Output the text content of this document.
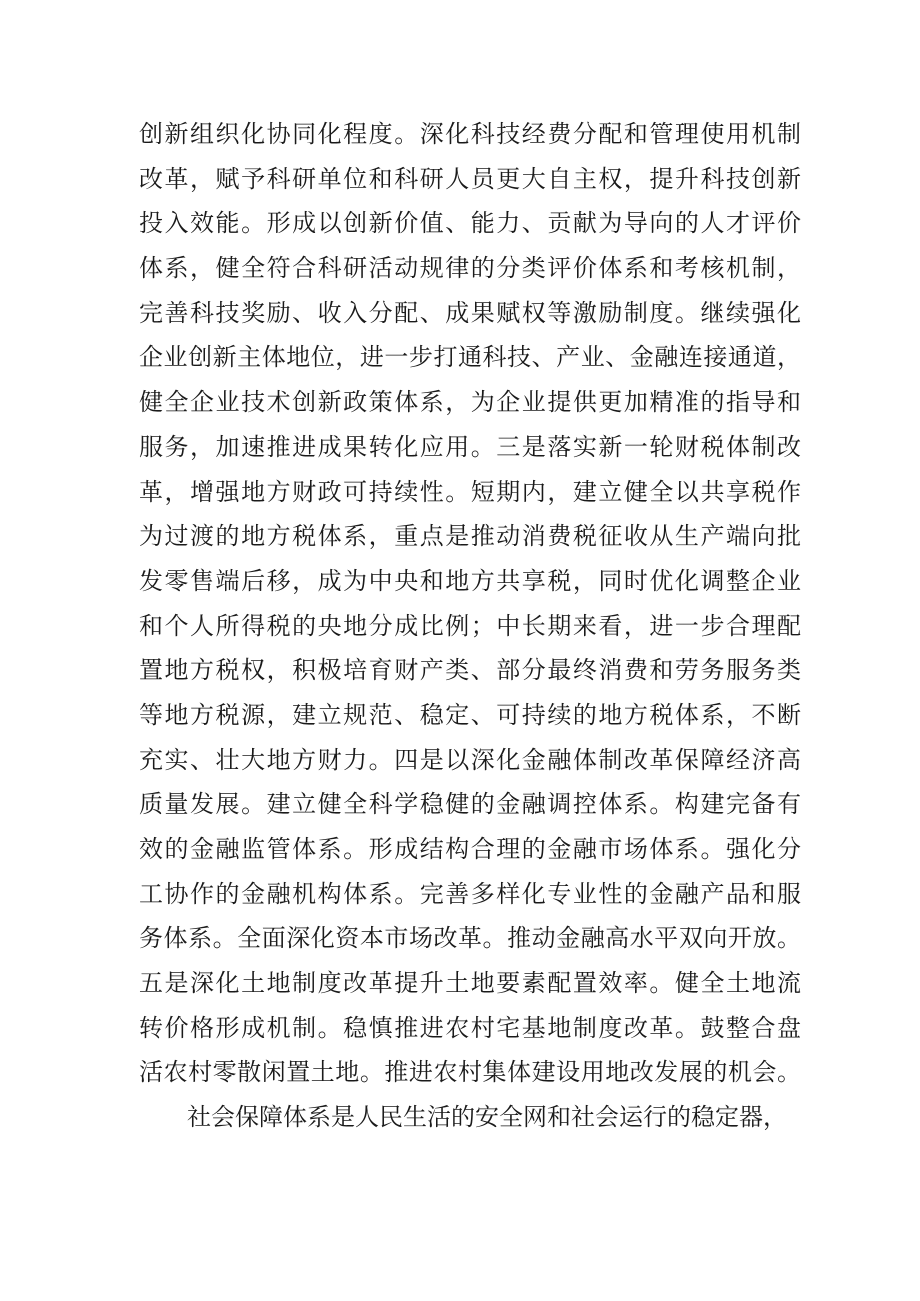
创新组织化协同化程度。深化科技经费分配和管理使用机制
改革，赋予科研单位和科研人员更大自主权，提升科技创新
投入效能。形成以创新价值、能力、贡献为导向的人才评价
体系，健全符合科研活动规律的分类评价体系和考核机制，
完善科技奖励、收入分配、成果赋权等激励制度。继续强化
企业创新主体地位，进一步打通科技、产业、金融连接通道，
健全企业技术创新政策体系，为企业提供更加精准的指导和
服务，加速推进成果转化应用。三是落实新一轮财税体制改
革，增强地方财政可持续性。短期内，建立健全以共享税作
为过渡的地方税体系，重点是推动消费税征收从生产端向批
发零售端后移，成为中央和地方共享税，同时优化调整企业
和个人所得税的央地分成比例；中长期来看，进一步合理配
置地方税权，积极培育财产类、部分最终消费和劳务服务类
等地方税源，建立规范、稳定、可持续的地方税体系，不断
充实、壮大地方财力。四是以深化金融体制改革保障经济高
质量发展。建立健全科学稳健的金融调控体系。构建完备有
效的金融监管体系。形成结构合理的金融市场体系。强化分
工协作的金融机构体系。完善多样化专业性的金融产品和服
务体系。全面深化资本市场改革。推动金融高水平双向开放。
五是深化土地制度改革提升土地要素配置效率。健全土地流
转价格形成机制。稳慎推进农村宅基地制度改革。鼓整合盘
活农村零散闲置土地。推进农村集体建设用地改发展的机会。
社会保障体系是人民生活的安全网和社会运行的稳定器，
